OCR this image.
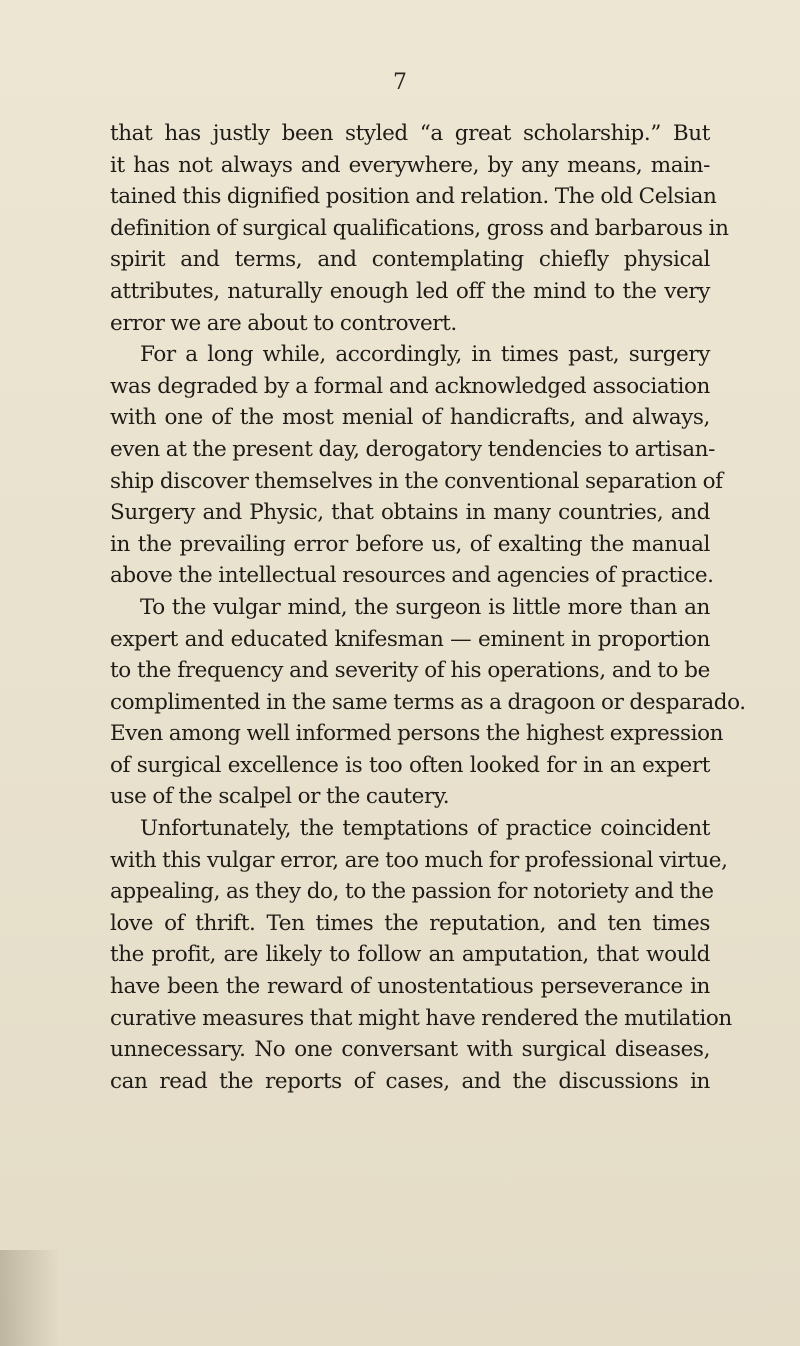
7
that has justly been styled “a great scholarship.” But
it has not always and everywhere, by any means, main-
tained this dignified position and relation. The old Celsian
definition of surgical qualifications, gross and barbarous in
spirit and terms, and contemplating chiefly physical
attributes, naturally enough led off the mind to the very
error we are about to controvert.
For a long while, accordingly, in times past, surgery
was degraded by a formal and acknowledged association
with one of the most menial of handicrafts, and always,
even at the present day, derogatory tendencies to artisan-
ship discover themselves in the conventional separation of
Surgery and Physic, that obtains in many countries, and
in the prevailing error before us, of exalting the manual
above the intellectual resources and agencies of practice.
To the vulgar mind, the surgeon is little more than an
expert and educated knifesman — eminent in proportion
to the frequency and severity of his operations, and to be
complimented in the same terms as a dragoon or desparado.
Even among well informed persons the highest expression
of surgical excellence is too often looked for in an expert
use of the scalpel or the cautery.
Unfortunately, the temptations of practice coincident
with this vulgar error, are too much for professional virtue,
appealing, as they do, to the passion for notoriety and the
love of thrift. Ten times the reputation, and ten times
the profit, are likely to follow an amputation, that would
have been the reward of unostentatious perseverance in
curative measures that might have rendered the mutilation
unnecessary. No one conversant with surgical diseases,
can read the reports of cases, and the discussions in
